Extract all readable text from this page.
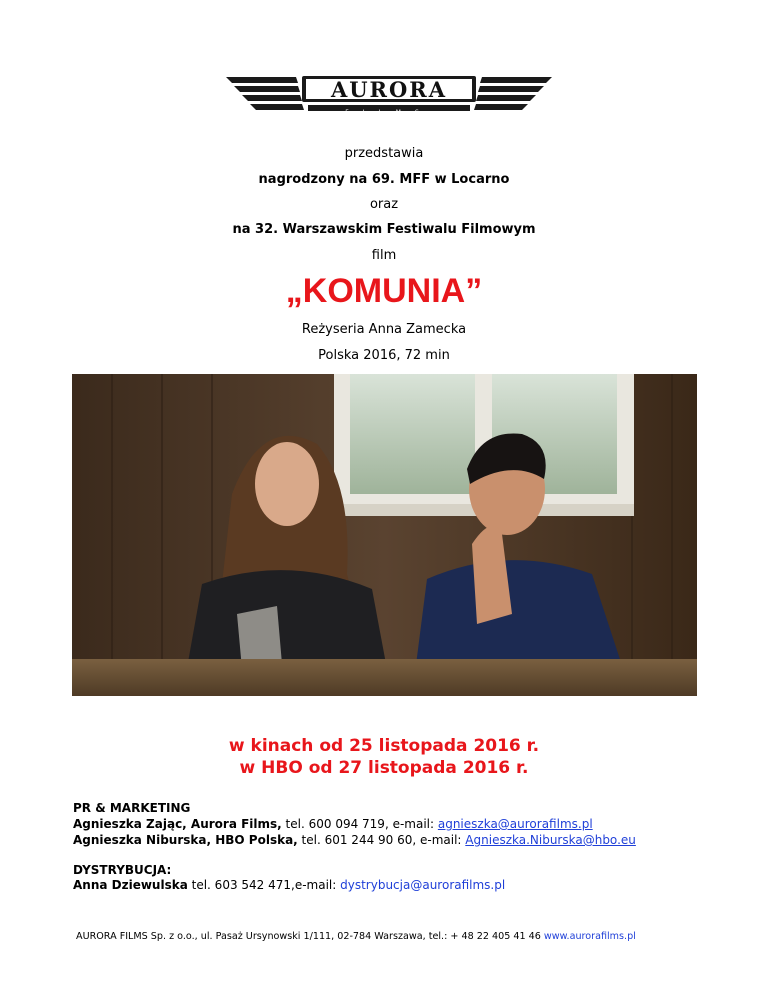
AURORA
FILMS
przedstawia
nagrodzony na 69. MFF w Locarno
oraz
na 32. Warszawskim Festiwalu Filmowym
film
„KOMUNIA”
Reżyseria Anna Zamecka
Polska 2016, 72 min
w kinach od 25 listopada 2016 r.
w HBO od 27 listopada 2016 r.
PR & MARKETING
Agnieszka Zając, Aurora Films, tel. 600 094 719, e-mail: agnieszka@aurorafilms.pl
Agnieszka Niburska, HBO Polska, tel. 601 244 90 60, e-mail: Agnieszka.Niburska@hbo.eu
DYSTRYBUCJA:
Anna Dziewulska tel. 603 542 471,e-mail: dystrybucja@aurorafilms.pl
AURORA FILMS Sp. z o.o., ul. Pasaż Ursynowski 1/111, 02-784 Warszawa, tel.: + 48 22 405 41 46 www.aurorafilms.pl
